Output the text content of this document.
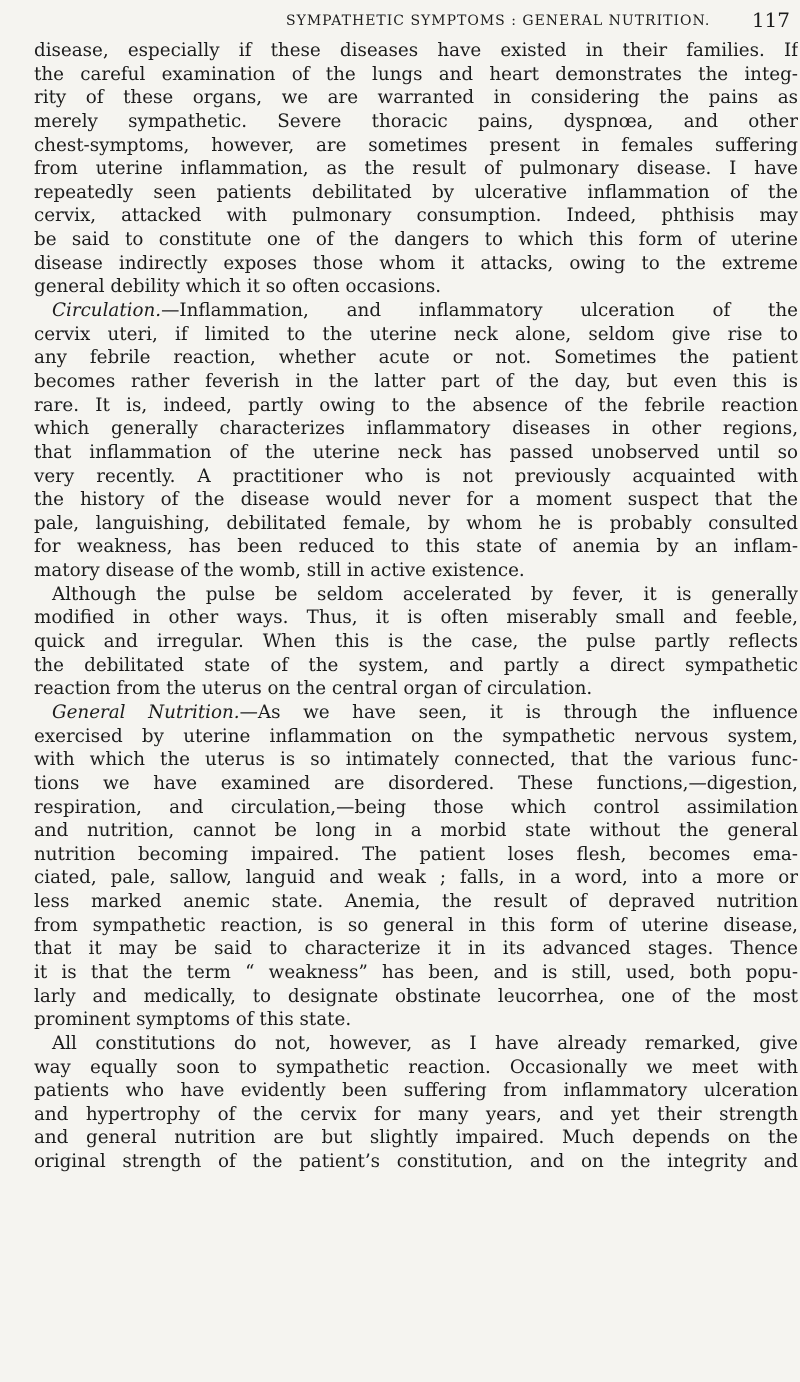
SYMPATHETIC SYMPTOMS : GENERAL NUTRITION. 117
disease, especially if these diseases have existed in their families. If
the careful examination of the lungs and heart demonstrates the integ-
rity of these organs, we are warranted in considering the pains as
merely sympathetic. Severe thoracic pains, dyspnœa, and other
chest-symptoms, however, are sometimes present in females suffering
from uterine inflammation, as the result of pulmonary disease. I have
repeatedly seen patients debilitated by ulcerative inflammation of the
cervix, attacked with pulmonary consumption. Indeed, phthisis may
be said to constitute one of the dangers to which this form of uterine
disease indirectly exposes those whom it attacks, owing to the extreme
general debility which it so often occasions.
Circulation.—Inflammation, and inflammatory ulceration of the
cervix uteri, if limited to the uterine neck alone, seldom give rise to
any febrile reaction, whether acute or not. Sometimes the patient
becomes rather feverish in the latter part of the day, but even this is
rare. It is, indeed, partly owing to the absence of the febrile reaction
which generally characterizes inflammatory diseases in other regions,
that inflammation of the uterine neck has passed unobserved until so
very recently. A practitioner who is not previously acquainted with
the history of the disease would never for a moment suspect that the
pale, languishing, debilitated female, by whom he is probably consulted
for weakness, has been reduced to this state of anemia by an inflam-
matory disease of the womb, still in active existence.
Although the pulse be seldom accelerated by fever, it is generally
modified in other ways. Thus, it is often miserably small and feeble,
quick and irregular. When this is the case, the pulse partly reflects
the debilitated state of the system, and partly a direct sympathetic
reaction from the uterus on the central organ of circulation.
General Nutrition.—As we have seen, it is through the influence
exercised by uterine inflammation on the sympathetic nervous system,
with which the uterus is so intimately connected, that the various func-
tions we have examined are disordered. These functions,—digestion,
respiration, and circulation,—being those which control assimilation
and nutrition, cannot be long in a morbid state without the general
nutrition becoming impaired. The patient loses flesh, becomes ema-
ciated, pale, sallow, languid and weak ; falls, in a word, into a more or
less marked anemic state. Anemia, the result of depraved nutrition
from sympathetic reaction, is so general in this form of uterine disease,
that it may be said to characterize it in its advanced stages. Thence
it is that the term “ weakness” has been, and is still, used, both popu-
larly and medically, to designate obstinate leucorrhea, one of the most
prominent symptoms of this state.
All constitutions do not, however, as I have already remarked, give
way equally soon to sympathetic reaction. Occasionally we meet with
patients who have evidently been suffering from inflammatory ulceration
and hypertrophy of the cervix for many years, and yet their strength
and general nutrition are but slightly impaired. Much depends on the
original strength of the patient’s constitution, and on the integrity and
